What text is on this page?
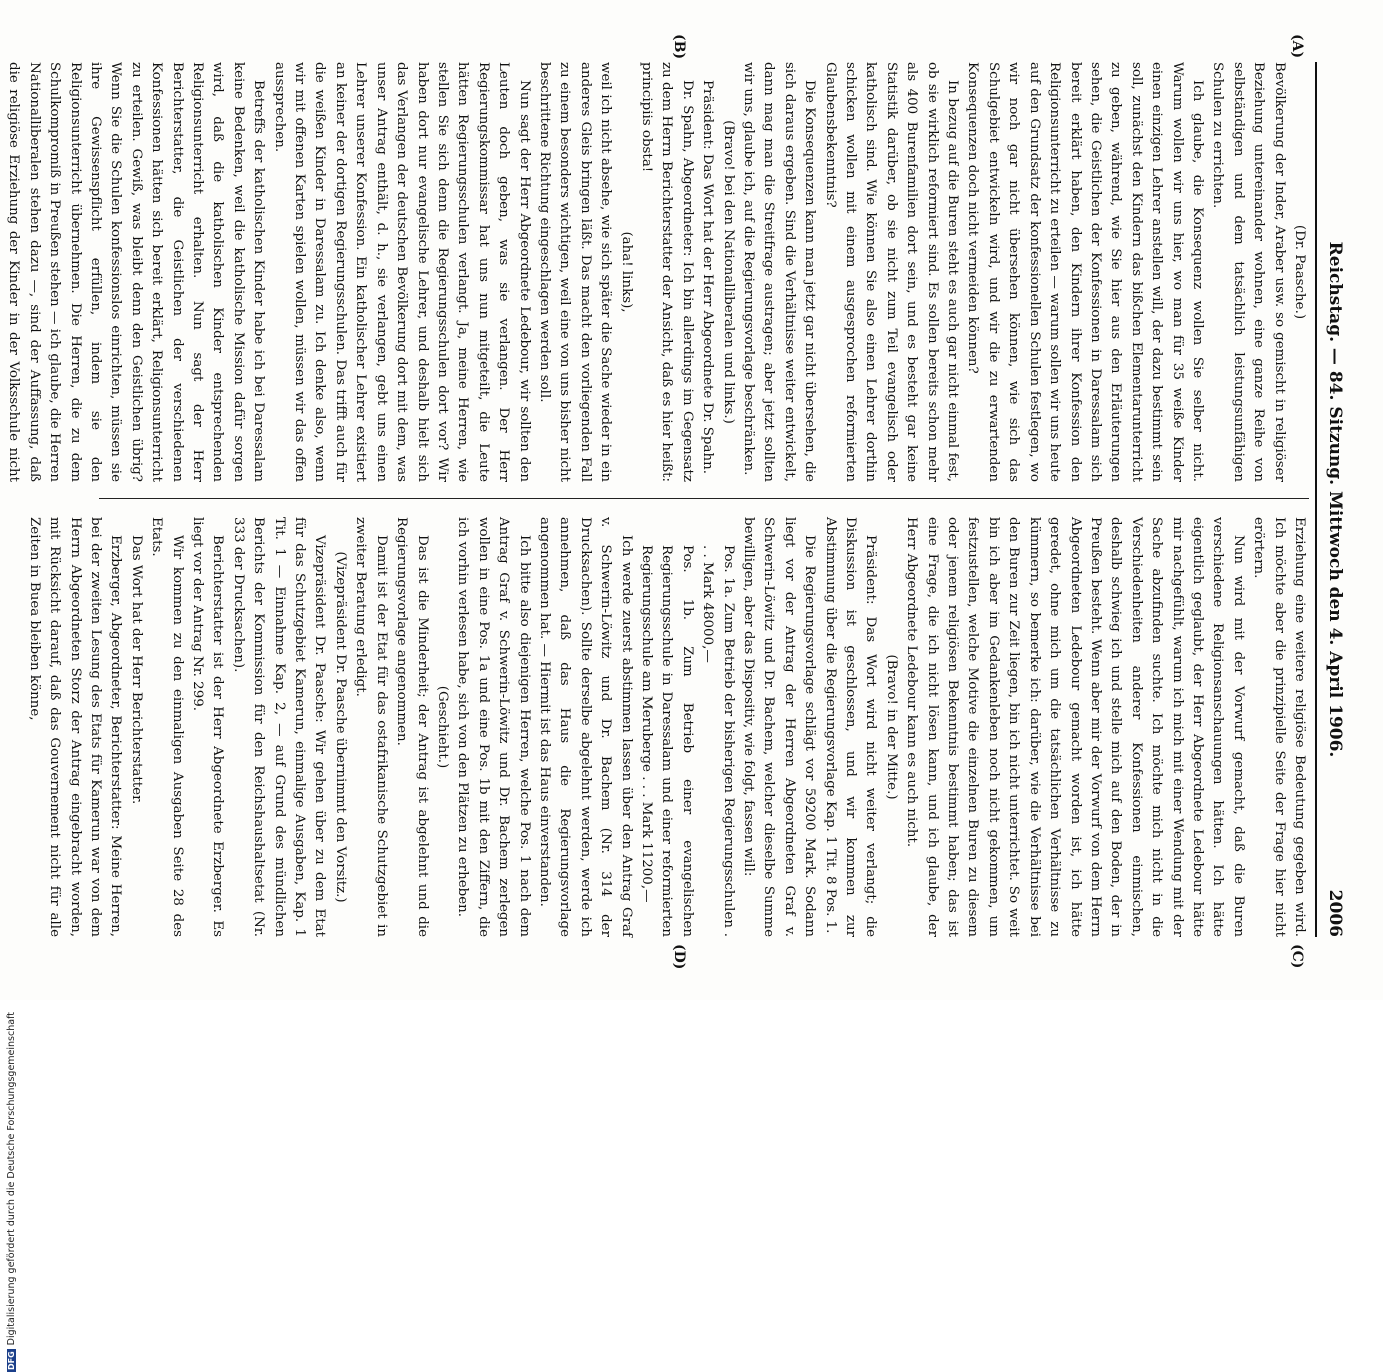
Reichstag. — 84. Sitzung. Mittwoch den 4. April 1906.
2006
(A)
(B)
(C)
(D)

(Dr. Paasche.)

Bevölkerung der Inder, Araber usw. so gemischt in religiöser Beziehung untereinander wohnen, eine ganze Reihe von selbständigen und dem tatsächlich leistungsunfähigen Schulen zu errichten.

Ich glaube, die Konsequenz wollen Sie selber nicht. Warum wollen wir uns hier, wo man für 35 weiße Kinder einen einzigen Lehrer anstellen will, der dazu bestimmt sein soll, zunächst den Kindern das bißchen Elementarunterricht zu geben, während, wie Sie hier aus den Erläuterungen sehen, die Geistlichen der Konfessionen in Daressalam sich bereit erklärt haben, den Kindern ihrer Konfession den Religionsunterricht zu erteilen — warum sollen wir uns heute auf den Grundsatz der konfessionellen Schulen festlegen, wo wir noch gar nicht übersehen können, wie sich das Schulgebiet entwickeln wird, und wir die zu erwartenden Konsequenzen doch nicht vermeiden können?

In bezug auf die Buren steht es auch gar nicht einmal fest, ob sie wirklich reformiert sind. Es sollen bereits schon mehr als 400 Burenfamilien dort sein, und es besteht gar keine Statistik darüber, ob sie nicht zum Teil evangelisch oder katholisch sind. Wie können Sie also einen Lehrer dorthin schicken wollen mit einem ausgesprochen reformierten Glaubensbekenntnis?

Die Konsequenzen kann man jetzt gar nicht übersehen, die sich daraus ergeben. Sind die Verhältnisse weiter entwickelt, dann mag man die Streitfrage austragen; aber jetzt sollten wir uns, glaube ich, auf die Regierungsvorlage beschränken.

(Bravo! bei den Nationalliberalen und links.)

Präsident: Das Wort hat der Herr Abgeordnete Dr. Spahn.

Dr. Spahn, Abgeordneter: Ich bin allerdings im Gegensatz zu dem Herrn Berichterstatter der Ansicht, daß es hier heißt: principiis obsta!

(aha! links),

weil ich nicht absehe, wie sich später die Sache wieder in ein anderes Gleis bringen läßt. Das macht den vorliegenden Fall zu einem besonders wichtigen, weil eine von uns bisher nicht beschrittene Richtung eingeschlagen werden soll.

Nun sagt der Herr Abgeordnete Ledebour, wir sollten den Leuten doch geben, was sie verlangen. Der Herr Regierungskommissar hat uns nun mitgeteilt, die Leute hätten Regierungsschulen verlangt. Ja, meine Herren, wie stellen Sie sich denn die Regierungsschulen dort vor? Wir haben dort nur evangelische Lehrer, und deshalb hielt sich das Verlangen der deutschen Bevölkerung dort mit dem, was unser Antrag enthält, d. h., sie verlangen, gebt uns einen Lehrer unserer Konfession. Ein katholischer Lehrer existiert an keiner der dortigen Regierungsschulen. Das trifft auch für die weißen Kinder in Daressalam zu. Ich denke also, wenn wir mit offenen Karten spielen wollen, müssen wir das offen aussprechen.

Betreffs der katholischen Kinder habe ich bei Daressalam keine Bedenken, weil die katholische Mission dafür sorgen wird, daß die katholischen Kinder entsprechenden Religionsunterricht erhalten. Nun sagt der Herr Berichterstatter, die Geistlichen der verschiedenen Konfessionen hätten sich bereit erklärt, Religionsunterricht zu erteilen. Gewiß, was bleibt denn den Geistlichen übrig? Wenn Sie die Schulen konfessionslos einrichten, müssen sie ihre Gewissenspflicht erfüllen, indem sie den Religionsunterricht übernehmen. Die Herren, die zu dem Schulkompromiß in Preußen stehen — ich glaube, die Herren Nationalliberalen stehen dazu —, sind der Auffassung, daß die religiöse Erziehung der Kinder in der Volksschule nicht

Erziehung eine weitere religiöse Bedeutung gegeben wird. Ich möchte aber die prinzipielle Seite der Frage hier nicht erörtern.

Nun wird mit der Vorwurf gemacht, daß die Buren verschiedene Religionsanschauungen hätten. Ich hätte eigentlich geglaubt, der Herr Abgeordnete Ledebour hätte mir nachgefühlt, warum ich mich mit einer Wendung mit der Sache abzufinden suchte. Ich möchte mich nicht in die Verschiedenheiten anderer Konfessionen einmischen, deshalb schwieg ich und stelle mich auf den Boden, der in Preußen besteht. Wenn aber mir der Vorwurf von dem Herrn Abgeordneten Ledebour gemacht worden ist, ich hätte geredet, ohne mich um die tatsächlichen Verhältnisse zu kümmern, so bemerke ich: darüber, wie die Verhältnisse bei den Buren zur Zeit liegen, bin ich nicht unterrichtet. So weit bin ich aber im Gedankenleben noch nicht gekommen, um festzustellen, welche Motive die einzelnen Buren zu diesem oder jenem religiösen Bekenntnis bestimmt haben; das ist eine Frage, die ich nicht lösen kann, und ich glaube, der Herr Abgeordnete Ledebour kann es auch nicht.

(Bravo! in der Mitte.)

Präsident: Das Wort wird nicht weiter verlangt; die Diskussion ist geschlossen, und wir kommen zur Abstimmung über die Regierungsvorlage Kap. 1 Tit. 8 Pos. 1.

Die Regierungsvorlage schlägt vor 59200 Mark. Sodann liegt vor der Antrag der Herren Abgeordneten Graf v. Schwerin-Löwitz und Dr. Bachem, welcher dieselbe Summe bewilligen, aber das Dispositiv, wie folgt, fassen will:

Pos. 1a. Zum Betrieb der bisherigen Regierungsschulen . . . Mark 48000,—

Pos. 1b. Zum Betrieb einer evangelischen Regierungsschule in Daressalam und einer reformierten Regierungsschule am Meruberge . . . Mark 11200,—

Ich werde zuerst abstimmen lassen über den Antrag Graf v. Schwerin-Löwitz und Dr. Bachem (Nr. 314 der Drucksachen). Sollte derselbe abgelehnt werden, werde ich annehmen, daß das Haus die Regierungsvorlage angenommen hat. — Hiermit ist das Haus einverstanden.

Ich bitte also diejenigen Herren, welche Pos. 1 nach dem Antrag Graf v. Schwerin-Löwitz und Dr. Bachem zerlegen wollen in eine Pos. 1a und eine Pos. 1b mit den Ziffern, die ich vorhin verlesen habe, sich von den Plätzen zu erheben.

(Geschieht.)

Das ist die Minderheit; der Antrag ist abgelehnt und die Regierungsvorlage angenommen.

Damit ist der Etat für das ostafrikanische Schutzgebiet in zweiter Beratung erledigt.

(Vizepräsident Dr. Paasche übernimmt den Vorsitz.)

Vizepräsident Dr. Paasche: Wir gehen über zu dem Etat für das Schutzgebiet Kamerun, einmalige Ausgaben, Kap. 1 Tit. 1 — Einnahme Kap. 2, — auf Grund des mündlichen Berichts der Kommission für den Reichshaushaltsetat (Nr. 333 der Drucksachen).

Berichterstatter ist der Herr Abgeordnete Erzberger. Es liegt vor der Antrag Nr. 299.

Wir kommen zu den einmaligen Ausgaben Seite 28 des Etats.

Das Wort hat der Herr Berichterstatter.

Erzberger, Abgeordneter, Berichterstatter: Meine Herren, bei der zweiten Lesung des Etats für Kamerun war von dem Herrn Abgeordneten Storz der Antrag eingebracht worden, mit Rücksicht darauf, daß das Gouvernement nicht für alle Zeiten in Buea bleiben könne,

DFGDigitalisierung gefördert durch die Deutsche Forschungsgemeinschaft
